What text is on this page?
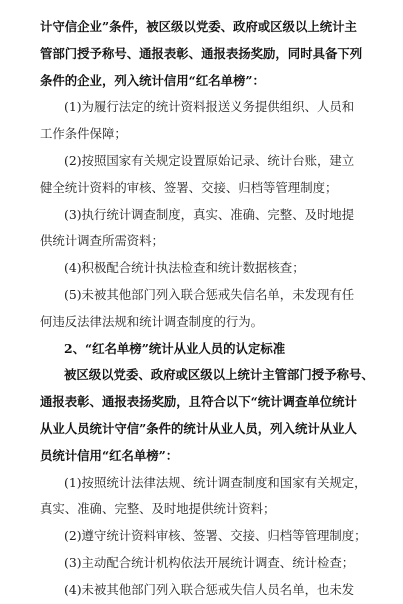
计守信企业”条件，被区级以党委、政府或区级以上统计主
管部门授予称号、通报表彰、通报表扬奖励，同时具备下列
条件的企业，列入统计信用“红名单榜”：
(1)为履行法定的统计资料报送义务提供组织、人员和
工作条件保障；
(2)按照国家有关规定设置原始记录、统计台账，建立
健全统计资料的审核、签署、交接、归档等管理制度；
(3)执行统计调查制度，真实、准确、完整、及时地提
供统计调查所需资料；
(4)积极配合统计执法检查和统计数据核查；
(5)未被其他部门列入联合惩戒失信名单，未发现有任
何违反法律法规和统计调查制度的行为。
2、“红名单榜”统计从业人员的认定标准
被区级以党委、政府或区级以上统计主管部门授予称号、
通报表彰、通报表扬奖励，且符合以下“统计调查单位统计
从业人员统计守信”条件的统计从业人员，列入统计从业人
员统计信用“红名单榜”：
(1)按照统计法律法规、统计调查制度和国家有关规定，
真实、准确、完整、及时地提供统计资料；
(2)遵守统计资料审核、签署、交接、归档等管理制度；
(3)主动配合统计机构依法开展统计调查、统计检查；
(4)未被其他部门列入联合惩戒失信人员名单，也未发
